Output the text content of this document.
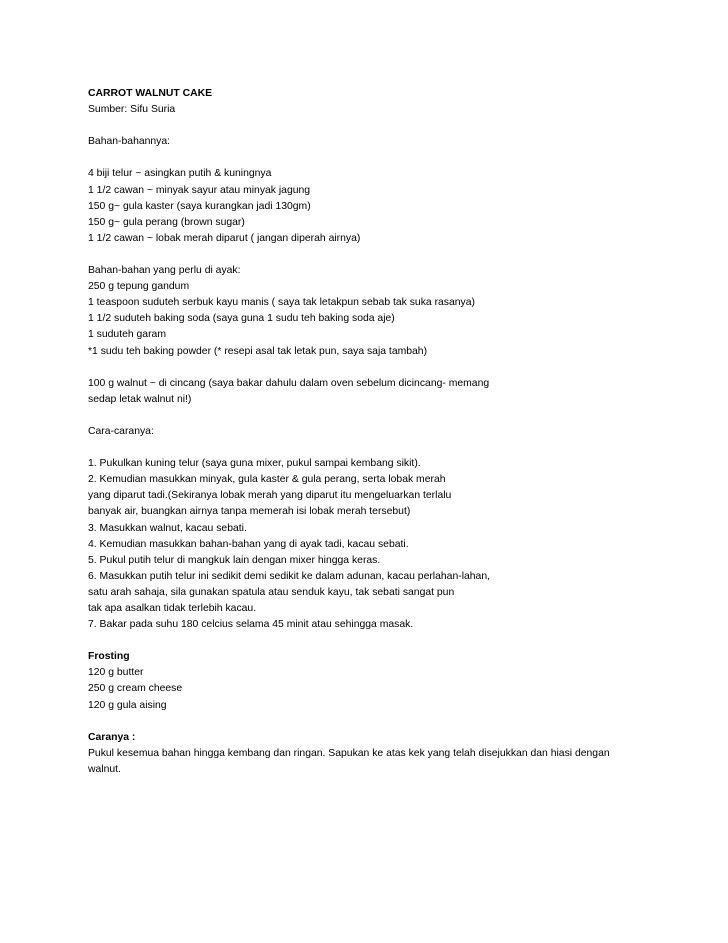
CARROT WALNUT CAKE
Sumber: Sifu Suria
Bahan-bahannya:
4 biji telur ~ asingkan putih & kuningnya
1 1/2 cawan ~ minyak sayur atau minyak jagung
150 g~ gula kaster (saya kurangkan jadi 130gm)
150 g~ gula perang (brown sugar)
1 1/2 cawan ~ lobak merah diparut ( jangan diperah airnya)
Bahan-bahan yang perlu di ayak:
250 g tepung gandum
1 teaspoon suduteh serbuk kayu manis ( saya tak letakpun sebab tak suka rasanya)
1 1/2 suduteh baking soda (saya guna 1 sudu teh baking soda aje)
1 suduteh garam
*1 sudu teh baking powder (* resepi asal tak letak pun, saya saja tambah)
100 g walnut ~ di cincang (saya bakar dahulu dalam oven sebelum dicincang- memang
sedap letak walnut ni!)
Cara-caranya:
1. Pukulkan kuning telur (saya guna mixer, pukul sampai kembang sikit).
2. Kemudian masukkan minyak, gula kaster & gula perang, serta lobak merah
yang diparut tadi.(Sekiranya lobak merah yang diparut itu mengeluarkan terlalu
banyak air, buangkan airnya tanpa memerah isi lobak merah tersebut)
3. Masukkan walnut, kacau sebati.
4. Kemudian masukkan bahan-bahan yang di ayak tadi, kacau sebati.
5. Pukul putih telur di mangkuk lain dengan mixer hingga keras.
6. Masukkan putih telur ini sedikit demi sedikit ke dalam adunan, kacau perlahan-lahan,
satu arah sahaja, sila gunakan spatula atau senduk kayu, tak sebati sangat pun
tak apa asalkan tidak terlebih kacau.
7. Bakar pada suhu 180 celcius selama 45 minit atau sehingga masak.
Frosting
120 g butter
250 g cream cheese
120 g gula aising
Caranya :
Pukul kesemua bahan hingga kembang dan ringan. Sapukan ke atas kek yang telah disejukkan dan hiasi dengan
walnut.
